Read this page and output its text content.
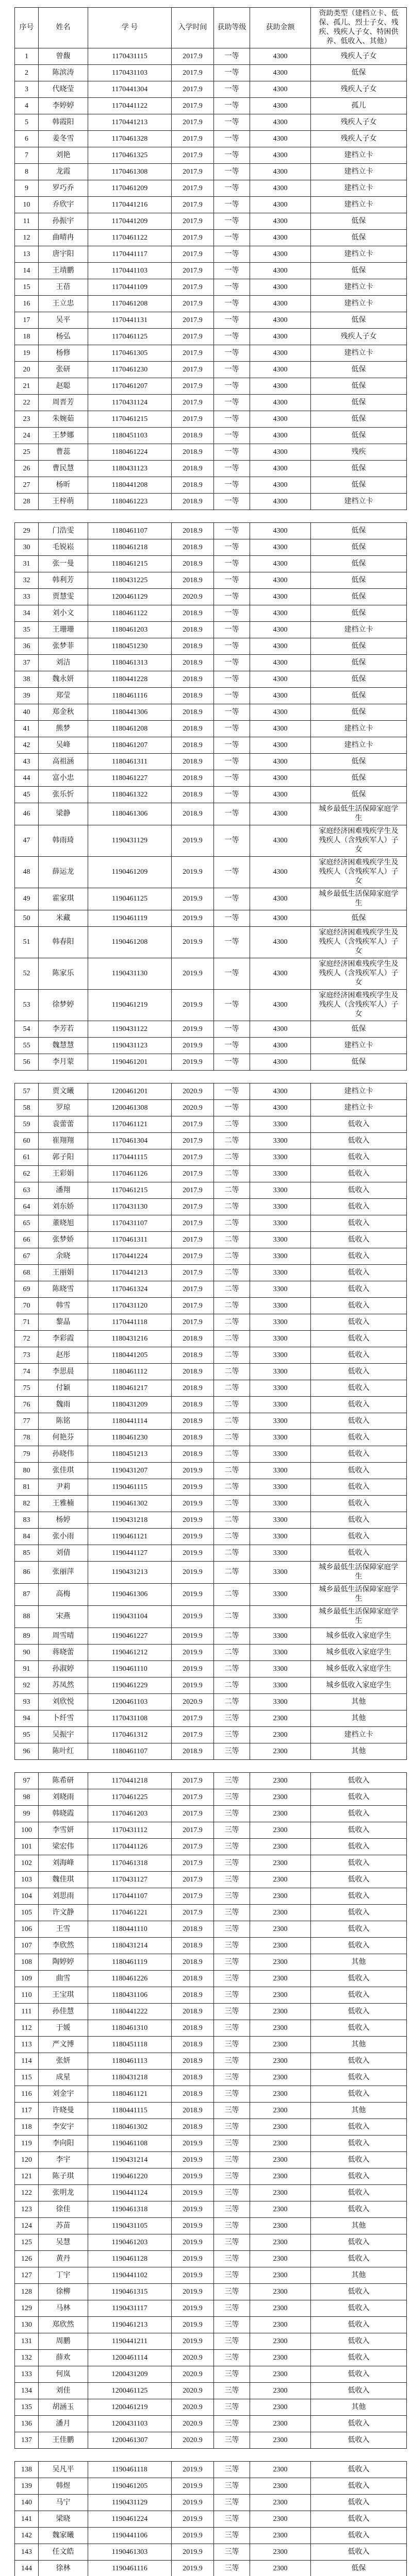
序号	姓名	学 号	入学时间	获助等级	获助金额	资助类型（建档立卡、低保、孤儿、烈士子女、残疾、残疾人子女、特困供养、低收入、其他）
1	曾馥	1170431115	2017.9	一等	4300	残疾人子女
2	陈滨涛	1170431103	2017.9	一等	4300	低保
3	代晓莹	1170441304	2017.9	一等	4300	残疾人子女
4	李婷婷	1170441122	2017.9	一等	4300	孤儿
5	韩霞阳	1170441213	2017.9	一等	4300	残疾人子女
6	姜冬雪	1170461328	2017.9	一等	4300	残疾人子女
7	刘艳	1170461325	2017.9	一等	4300	建档立卡
8	龙霞	1170461308	2017.9	一等	4300	建档立卡
9	罗巧乔	1170461209	2017.9	一等	4300	建档立卡
10	乔欣宇	1170441216	2017.9	一等	4300	建档立卡
11	孙振宇	1170441209	2017.9	一等	4300	低保
12	曲晴冉	1170461122	2017.9	一等	4300	低保
13	唐宇阳	1170441117	2017.9	一等	4300	建档立卡
14	王靖鹏	1170441103	2017.9	一等	4300	低保
15	王蓓	1170441109	2017.9	一等	4300	建档立卡
16	王立忠	1170461208	2017.9	一等	4300	建档立卡
17	吴平	1170441131	2017.9	一等	4300	低保
18	杨弘	1170461125	2017.9	一等	4300	残疾人子女
19	杨修	1170461305	2017.9	一等	4300	建档立卡
20	张研	1170461230	2017.9	一等	4300	低保
21	赵聪	1170461207	2017.9	一等	4300	低保
22	周晋芳	1170431124	2017.9	一等	4300	低保
23	朱婉茹	1170461215	2017.9	一等	4300	低保
24	王梦娜	1180451103	2018.9	一等	4300	低保
25	曹蕊	1180461224	2018.9	一等	4300	残疾
26	曹民慧	1180431123	2018.9	一等	4300	低保
27	杨昕	1180441208	2018.9	一等	4300	低保
28	王梓萌	1180461223	2018.9	一等	4300	建档立卡
29	门浩雯	1180461107	2018.9	一等	4300	低保
30	毛锐崧	1180461218	2018.9	一等	4300	低保
31	张一曼	1180461215	2018.9	一等	4300	低保
32	韩利芳	1180431225	2018.9	一等	4300	低保
33	贾慧雯	1200461129	2020.9	一等	4300	低保
34	刘小文	1180461122	2018.9	一等	4300	低保
35	王珊珊	1180461203	2018.9	一等	4300	建档立卡
36	张梦菲	1180451230	2018.9	一等	4300	低保
37	刘洁	1180461313	2018.9	一等	4300	低保
38	魏永妍	1180441228	2018.9	一等	4300	低保
39	郑莹	1180461116	2018.9	一等	4300	低保
40	郑金秋	1180441306	2018.9	一等	4300	低保
41	熊梦	1180461208	2018.9	一等	4300	建档立卡
42	吴峰	1180461207	2018.9	一等	4300	建档立卡
43	高祖涵	1180461311	2018.9	一等	4300	低保
44	富小忠	1180461227	2018.9	一等	4300	低保
45	张乐忻	1180461322	2018.9	一等	4300	低保
46	梁静	1180461306	2018.9	一等	4300	城乡最低生活保障家庭学生
47	韩雨琦	1190431129	2019.9	一等	4300	家庭经济困难残疾学生及残疾人（含残疾军人）子女
48	薛运龙	1190461209	2019.9	一等	4300	家庭经济困难残疾学生及残疾人（含残疾军人）子女
49	霍家琪	1190461125	2019.9	一等	4300	城乡最低生活保障家庭学生
50	米藏	1190461119	2019.9	一等	4300	低保
51	韩春阳	1190461208	2019.9	一等	4300	家庭经济困难残疾学生及残疾人（含残疾军人）子女
52	陈家乐	1190431130	2019.9	一等	4300	家庭经济困难残疾学生及残疾人（含残疾军人）子女
53	徐梦婷	1190461219	2019.9	一等	4300	家庭经济困难残疾学生及残疾人（含残疾军人）子女
54	李芳若	1190431122	2019.9	一等	4300	低保
55	魏慧慧	1190431123	2019.9	一等	4300	建档立卡
56	李月蒙	1190461201	2019.9	一等	4300	低保
57	贾文曦	1200461201	2020.9	一等	4300	建档立卡
58	罗琼	1200461308	2020.9	一等	4300	建档立卡
59	袁蕾蕾	1170461121	2017.9	二等	3300	低收入
60	崔翔翔	1170461304	2017.9	二等	3300	低收入
61	郭子阳	1170441115	2017.9	二等	3300	低收入
62	王彩娟	1170461126	2017.9	二等	3300	低收入
63	潘翔	1170461215	2017.9	二等	3300	低收入
64	刘东娇	1170431130	2017.9	二等	3300	低收入
65	董晓旭	1170431107	2017.9	二等	3300	低收入
66	张梦娇	1170461311	2017.9	二等	3300	低收入
67	余晓	1170441224	2017.9	二等	3300	低收入
68	王丽娟	1170441213	2017.9	二等	3300	低收入
69	陈晓雪	1170461324	2017.9	二等	3300	低收入
70	韩雪	1170431120	2017.9	二等	3300	低收入
71	黎晶	1170441118	2017.9	二等	3300	低收入
72	李彩霞	1180431216	2018.9	二等	3300	低收入
73	赵彤	1180441205	2018.9	二等	3300	低收入
74	李思晨	1180461112	2018.9	二等	3300	低收入
75	付颖	1180461217	2018.9	二等	3300	低收入
76	魏雨	1180431209	2018.9	二等	3300	低收入
77	陈铭	1180441114	2018.9	二等	3300	低收入
78	何艳芬	1180461230	2018.9	二等	3300	低收入
79	孙晓伟	1180451213	2018.9	二等	3300	低收入
80	张佳琪	1190431207	2019.9	二等	3300	低收入
81	尹莉	1190461115	2019.9	二等	3300	低收入
82	王雅楠	1190461302	2019.9	二等	3300	低收入
83	杨婷	1190431218	2019.9	二等	3300	低收入
84	张小雨	1190461121	2019.9	二等	3300	低收入
85	刘倩	1190441127	2019.9	二等	3300	低收入
86	张丽萍	1190431213	2019.9	二等	3300	城乡最低生活保障家庭学生
87	高梅	1190461306	2019.9	二等	3300	城乡最低生活保障家庭学生
88	宋燕	1190431104	2019.9	二等	3300	城乡最低生活保障家庭学生
89	周雪晴	1190461227	2019.9	二等	3300	城乡低收入家庭学生
90	蒋晓蕾	1190461212	2019.9	二等	3300	城乡低收入家庭学生
91	孙淑婷	1190461110	2019.9	二等	3300	城乡低收入家庭学生
92	苏凤然	1190461229	2019.9	二等	3300	城乡低收入家庭学生
93	刘欣悦	1200461103	2020.9	二等	3300	其他
94	卜纤雪	1170431108	2017.9	三等	2300	其他
95	吴振宇	1170461312	2017.9	三等	2300	建档立卡
96	陈叶红	1180461107	2018.9	三等	2300	其他
97	陈希研	1170441218	2017.9	三等	2300	低收入
98	刘晓雨	1170461225	2017.9	三等	2300	低收入
99	韩晓霞	1170461203	2017.9	三等	2300	低收入
100	李雪妍	1170431112	2017.9	三等	2300	低收入
101	梁宏伟	1170441126	2017.9	三等	2300	低收入
102	刘海峰	1170461318	2017.9	三等	2300	低收入
103	魏佳琪	1170431127	2017.9	三等	2300	低收入
104	刘思雨	1170441107	2017.9	三等	2300	低收入
105	许文静	1170461221	2017.9	三等	2300	低收入
106	王雪	1180441110	2018.9	三等	2300	低收入
107	李欣然	1180431214	2018.9	三等	2300	低收入
108	陶婷婷	1180461119	2018.9	三等	2300	其他
109	曲雪	1180461226	2018.9	三等	2300	低收入
110	王宝琪	1180431106	2018.9	三等	2300	低收入
111	孙佳慧	1180441222	2018.9	三等	2300	低收入
112	于媛	1180461310	2018.9	三等	2300	低收入
113	严文博	1180451118	2018.9	三等	2300	其他
114	张妍	1180461113	2018.9	三等	2300	低收入
115	成星	1180431218	2018.9	三等	2300	低收入
116	刘金宇	1180461121	2018.9	三等	2300	低收入
117	许晓曼	1180441115	2018.9	三等	2300	其他
118	李安宇	1180461302	2018.9	三等	2300	低收入
119	李向阳	1190461108	2019.9	三等	2300	低收入
120	李宇	1190431214	2019.9	三等	2300	低收入
121	陈子琪	1190461220	2019.9	三等	2300	低收入
122	张明龙	1190441124	2019.9	三等	2300	低收入
123	徐佳	1190461318	2019.9	三等	2300	低收入
124	苏苗	1190431105	2019.9	三等	2300	其他
125	吴慧	1190461203	2019.9	三等	2300	低收入
126	黄丹	1190461128	2019.9	三等	2300	低收入
127	丁宇	1190441102	2019.9	三等	2300	其他
128	徐柳	1190461315	2019.9	三等	2300	低收入
129	马林	1190431117	2019.9	三等	2300	低收入
130	郑欣然	1190461213	2019.9	三等	2300	低收入
131	周鹏	1190441211	2019.9	三等	2300	低收入
132	薛欢	1200461114	2020.9	三等	2300	低收入
133	何岚	1200431209	2020.9	三等	2300	低收入
134	刘佳	1200461125	2020.9	三等	2300	低收入
135	胡涵玉	1200461219	2020.9	三等	2300	其他
136	潘月	1200431103	2020.9	三等	2300	低收入
137	王佳鹏	1200461307	2020.9	三等	2300	低收入
138	吴凡平	1190461118	2019.9	三等	2300	低收入
139	韩煜	1190461205	2019.9	三等	2300	低收入
140	马宁	1190431129	2019.9	三等	2300	低收入
141	梁晓	1190461224	2019.9	三等	2300	低收入
142	魏家曦	1190441106	2019.9	三等	2300	低收入
143	任文皓	1190461303	2019.9	三等	2300	低收入
144	徐林	1190461116	2019.9	三等	2300	低保
